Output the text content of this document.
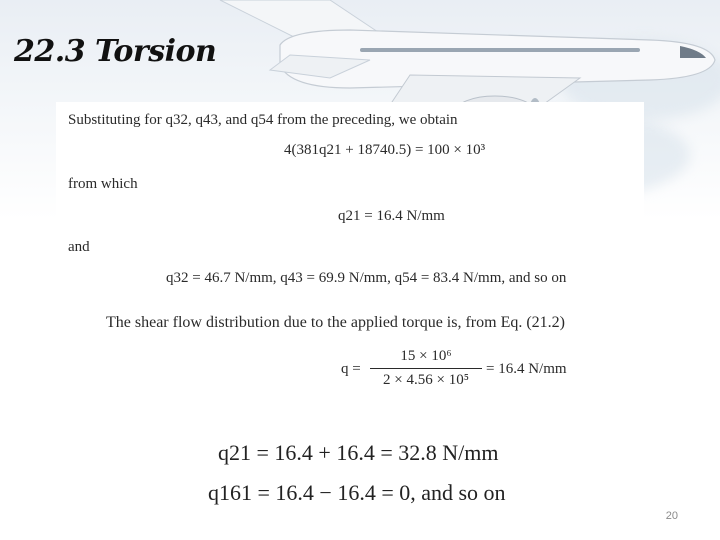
22.3 Torsion
Substituting for q32, q43, and q54 from the preceding, we obtain
4(381q21 + 18740.5) = 100 × 10³
from which
q21 = 16.4 N/mm
and
q32 = 46.7 N/mm, q43 = 69.9 N/mm, q54 = 83.4 N/mm, and so on
The shear flow distribution due to the applied torque is, from Eq. (21.2)
q =
15 × 10⁶
2 × 4.56 × 10⁵
= 16.4 N/mm
q21 = 16.4 + 16.4 = 32.8 N/mm
q161 = 16.4 − 16.4 = 0, and so on
20
